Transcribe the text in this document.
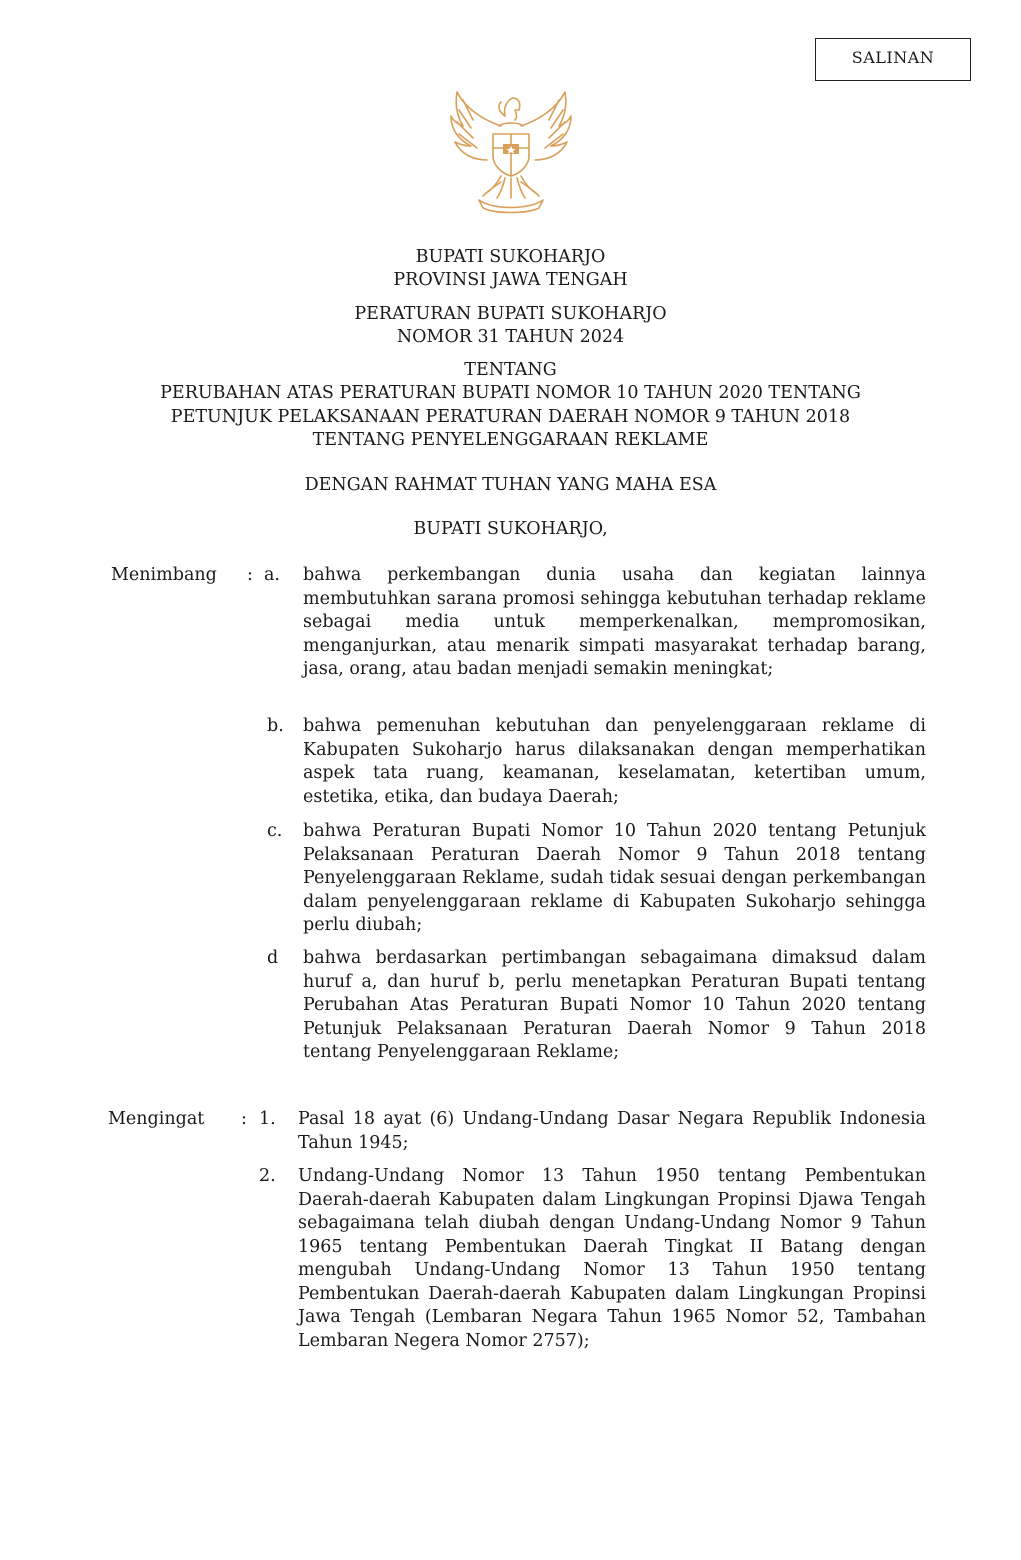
SALINAN
BUPATI SUKOHARJO
PROVINSI JAWA TENGAH
PERATURAN BUPATI SUKOHARJO
NOMOR 31 TAHUN 2024
TENTANG
PERUBAHAN ATAS PERATURAN BUPATI NOMOR 10 TAHUN 2020 TENTANG
PETUNJUK PELAKSANAAN PERATURAN DAERAH NOMOR 9 TAHUN 2018
TENTANG PENYELENGGARAAN REKLAME
DENGAN RAHMAT TUHAN YANG MAHA ESA
BUPATI SUKOHARJO,
Menimbang : a. bahwa perkembangan dunia usaha dan kegiatan lainnya membutuhkan sarana promosi sehingga kebutuhan terhadap reklame sebagai media untuk memperkenalkan, mempromosikan, menganjurkan, atau menarik simpati masyarakat terhadap barang, jasa, orang, atau badan menjadi semakin meningkat;

b. bahwa pemenuhan kebutuhan dan penyelenggaraan reklame di Kabupaten Sukoharjo harus dilaksanakan dengan memperhatikan aspek tata ruang, keamanan, keselamatan, ketertiban umum, estetika, etika, dan budaya Daerah;

c. bahwa Peraturan Bupati Nomor 10 Tahun 2020 tentang Petunjuk Pelaksanaan Peraturan Daerah Nomor 9 Tahun 2018 tentang Penyelenggaraan Reklame, sudah tidak sesuai dengan perkembangan dalam penyelenggaraan reklame di Kabupaten Sukoharjo sehingga perlu diubah;

d bahwa berdasarkan pertimbangan sebagaimana dimaksud dalam huruf a, dan huruf b, perlu menetapkan Peraturan Bupati tentang Perubahan Atas Peraturan Bupati Nomor 10 Tahun 2020 tentang Petunjuk Pelaksanaan Peraturan Daerah Nomor 9 Tahun 2018 tentang Penyelenggaraan Reklame;

Mengingat : 1. Pasal 18 ayat (6) Undang-Undang Dasar Negara Republik Indonesia Tahun 1945;

2. Undang-Undang Nomor 13 Tahun 1950 tentang Pembentukan Daerah-daerah Kabupaten dalam Lingkungan Propinsi Djawa Tengah sebagaimana telah diubah dengan Undang-Undang Nomor 9 Tahun 1965 tentang Pembentukan Daerah Tingkat II Batang dengan mengubah Undang-Undang Nomor 13 Tahun 1950 tentang Pembentukan Daerah-daerah Kabupaten dalam Lingkungan Propinsi Jawa Tengah (Lembaran Negara Tahun 1965 Nomor 52, Tambahan Lembaran Negera Nomor 2757);
